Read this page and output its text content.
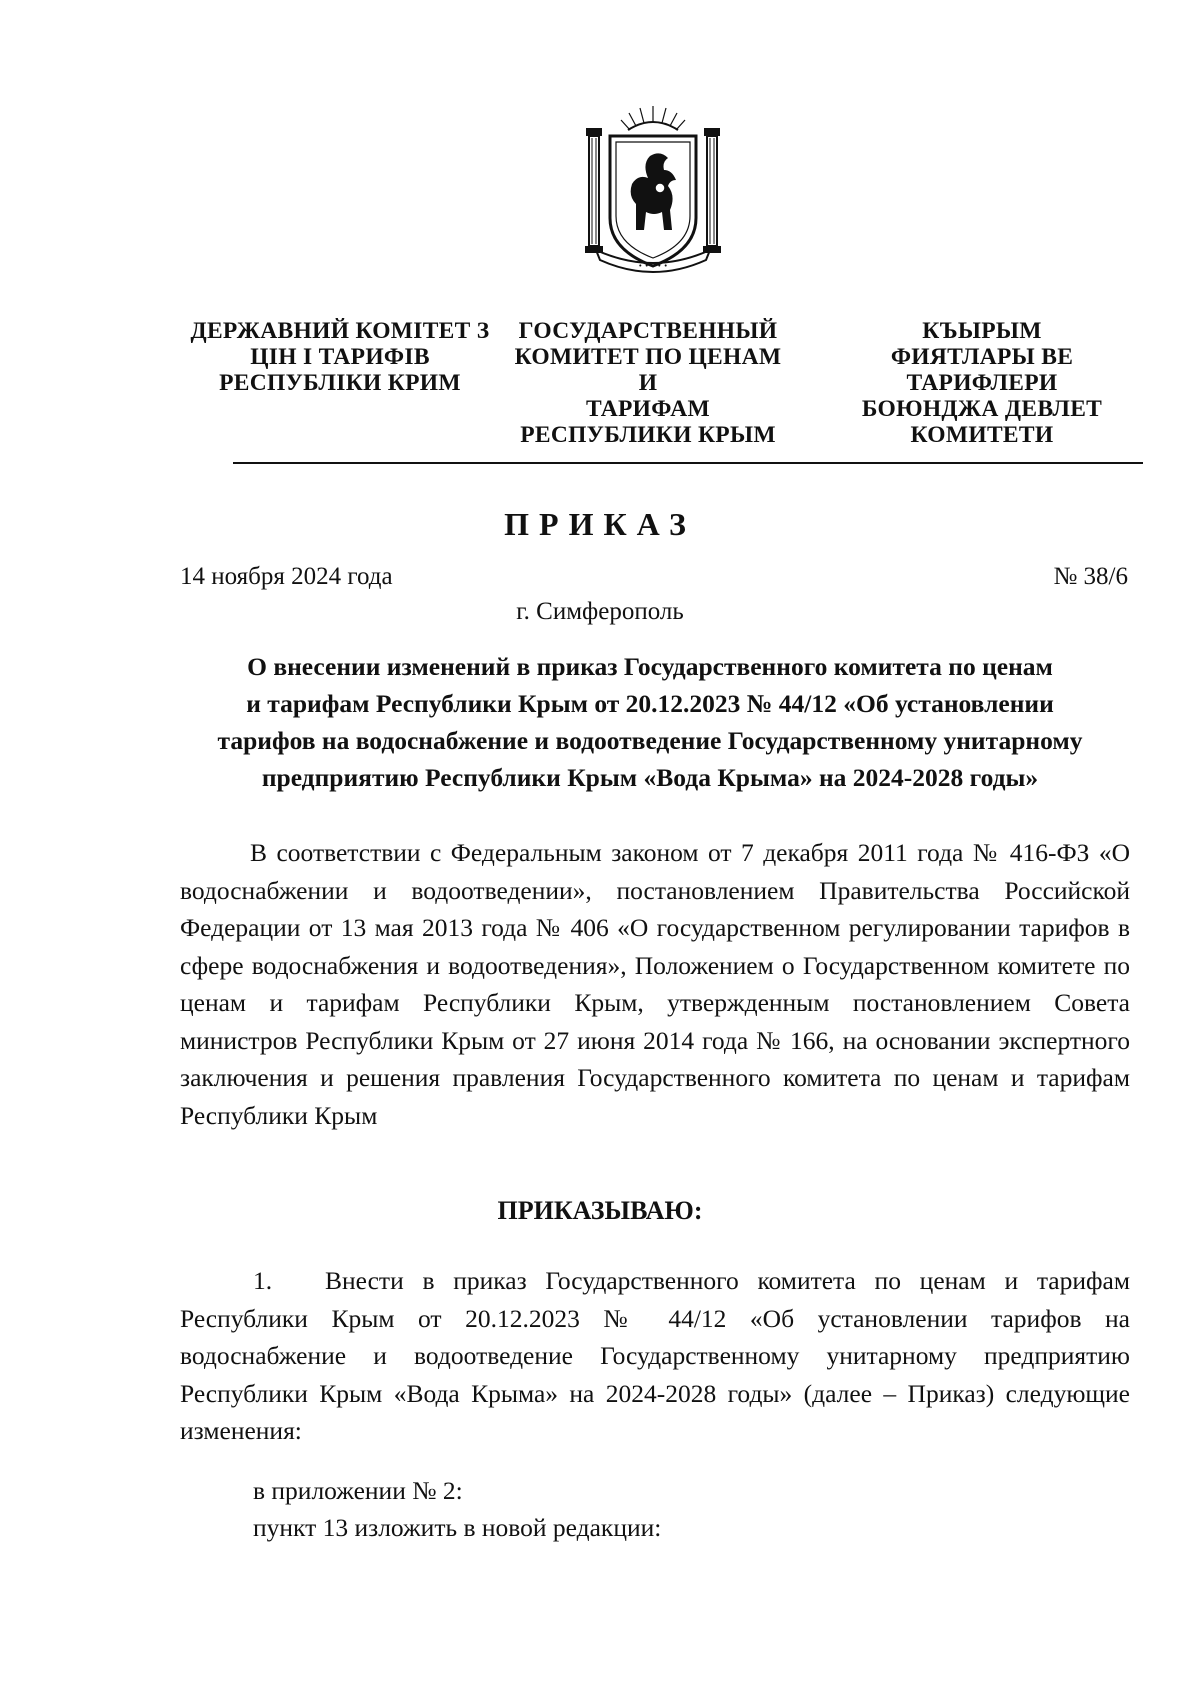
• • • • •
ДЕРЖАВНИЙ КОМІТЕТ З
ЦІН І ТАРИФІВ
РЕСПУБЛІКИ КРИМ
ГОСУДАРСТВЕННЫЙ
КОМИТЕТ ПО ЦЕНАМ И
ТАРИФАМ
РЕСПУБЛИКИ КРЫМ
КЪЫРЫМ
ФИЯТЛАРЫ ВЕ ТАРИФЛЕРИ
БОЮНДЖА ДЕВЛЕТ
КОМИТЕТИ
ПРИКАЗ
14 ноября 2024 года	№ 38/6
г. Симферополь
О внесении изменений в приказ Государственного комитета по ценам
и тарифам Республики Крым от 20.12.2023 № 44/12 «Об установлении
тарифов на водоснабжение и водоотведение Государственному унитарному
предприятию Республики Крым «Вода Крыма» на 2024-2028 годы»
В соответствии с Федеральным законом от 7 декабря 2011 года № 416-ФЗ «О водоснабжении и водоотведении», постановлением Правительства Российской Федерации от 13 мая 2013 года № 406 «О государственном регулировании тарифов в сфере водоснабжения и водоотведения», Положением о Государственном комитете по ценам и тарифам Республики Крым, утвержденным постановлением Совета министров Республики Крым от 27 июня 2014 года № 166, на основании экспертного заключения и решения правления Государственного комитета по ценам и тарифам Республики Крым
ПРИКАЗЫВАЮ:
1. Внести в приказ Государственного комитета по ценам и тарифам Республики Крым от 20.12.2023 № 44/12 «Об установлении тарифов на водоснабжение и водоотведение Государственному унитарному предприятию Республики Крым «Вода Крыма» на 2024-2028 годы» (далее – Приказ) следующие изменения:
в приложении № 2:
пункт 13 изложить в новой редакции:
